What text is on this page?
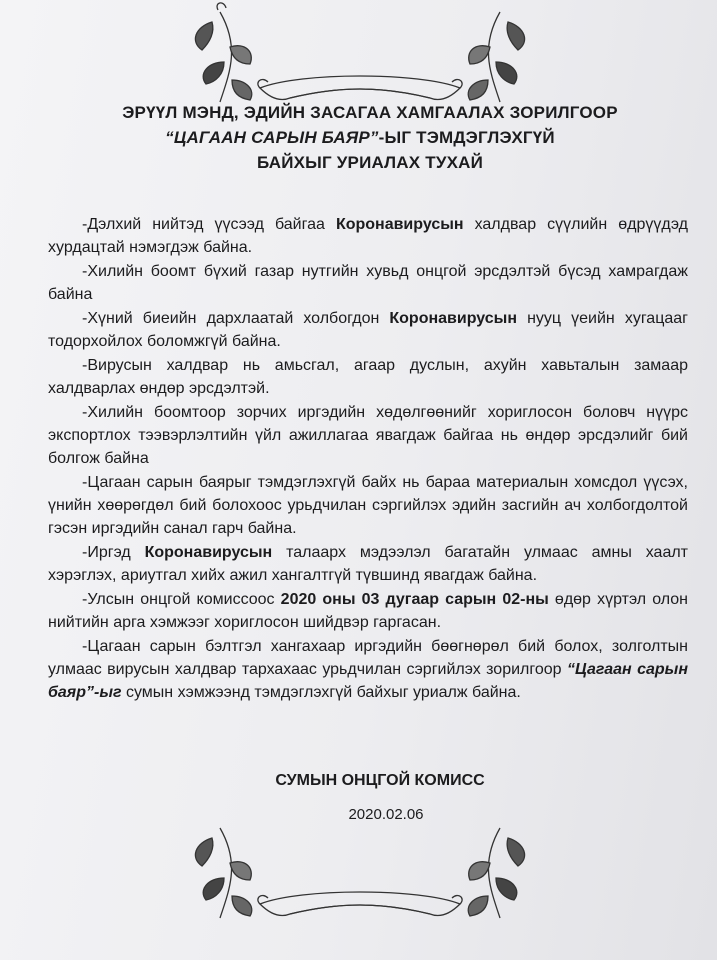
ЭРҮҮЛ МЭНД, ЭДИЙН ЗАСАГАА ХАМГААЛАХ ЗОРИЛГООР
“ЦАГААН САРЫН БАЯР”-ЫГ ТЭМДЭГЛЭХГҮЙ
БАЙХЫГ УРИАЛАХ ТУХАЙ

-Дэлхий нийтэд үүсээд байгаа Коронавирусын халдвар сүүлийн өдрүүдэд хурдацтай нэмэгдэж байна.

-Хилийн боомт бүхий газар нутгийн хувьд онцгой эрсдэлтэй бүсэд хамрагдаж байна

-Хүний биеийн дархлаатай холбогдон Коронавирусын нууц үеийн хугацааг тодорхойлох боломжгүй байна.

-Вирусын халдвар нь амьсгал, агаар дуслын, ахуйн хавьталын замаар халдварлах өндөр эрсдэлтэй.

-Хилийн боомтоор зорчих иргэдийн хөдөлгөөнийг хориглосон боловч нүүрс экспортлох тээвэрлэлтийн үйл ажиллагаа явагдаж байгаа нь өндөр эрсдэлийг бий болгож байна

-Цагаан сарын баярыг тэмдэглэхгүй байх нь бараа материалын хомсдол үүсэх, үнийн хөөрөгдөл бий болохоос урьдчилан сэргийлэх эдийн засгийн ач холбогдолтой гэсэн иргэдийн санал гарч байна.

-Иргэд Коронавирусын талаарх мэдээлэл багатайн улмаас амны хаалт хэрэглэх, ариутгал хийх ажил хангалтгүй түвшинд явагдаж байна.

-Улсын онцгой комиссоос 2020 оны 03 дугаар сарын 02-ны өдөр хүртэл олон нийтийн арга хэмжээг хориглосон шийдвэр гаргасан.

-Цагаан сарын бэлтгэл хангахаар иргэдийн бөөгнөрөл бий болох, золголтын улмаас вирусын халдвар тархахаас урьдчилан сэргийлэх зорилгоор “Цагаан сарын баяр”-ыг сумын хэмжээнд тэмдэглэхгүй байхыг уриалж байна.

СУМЫН ОНЦГОЙ КОМИСС
2020.02.06
